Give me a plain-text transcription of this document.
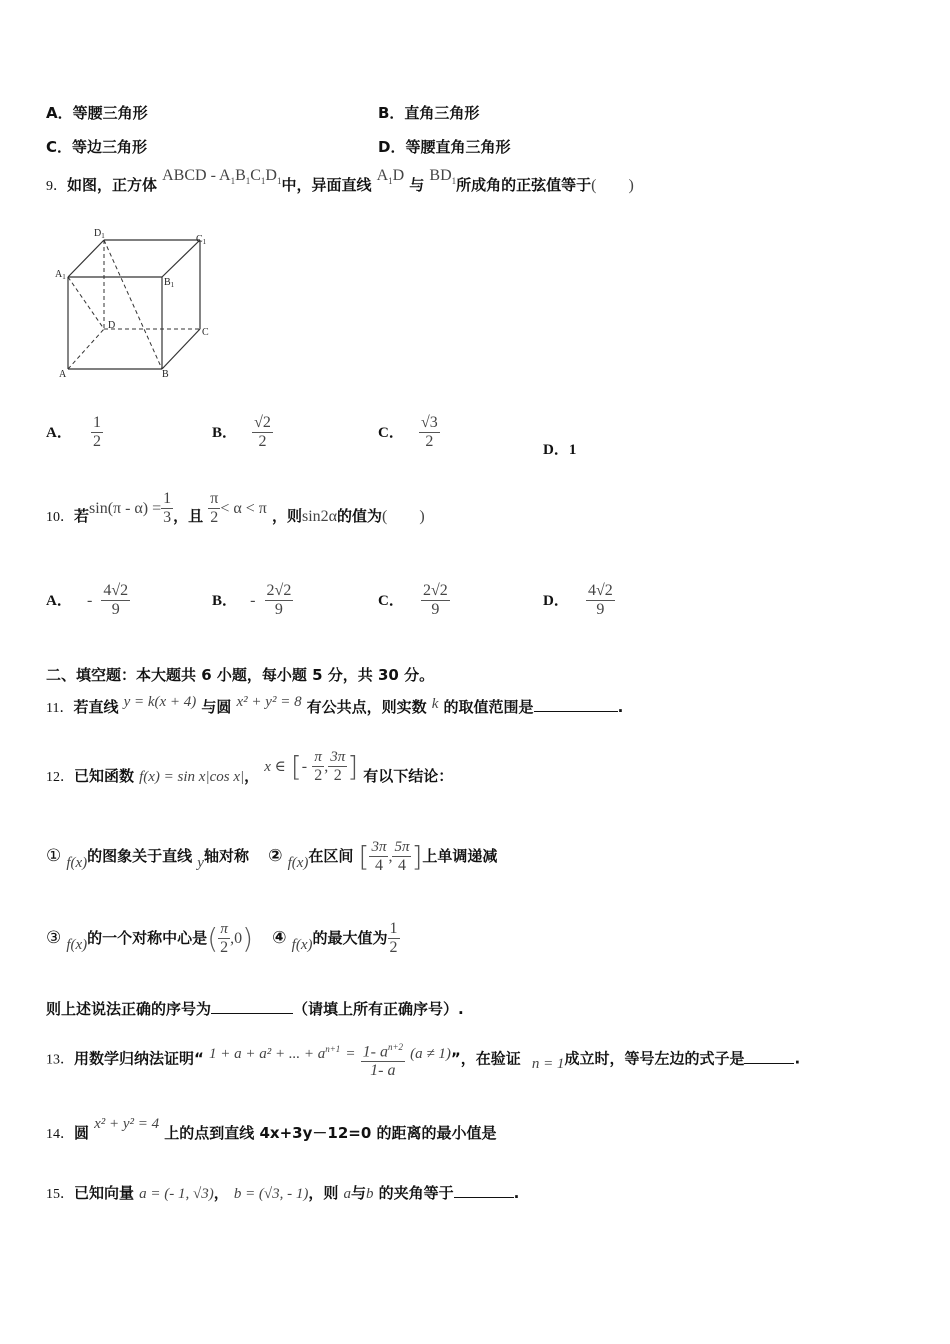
A．等腰三角形	B．直角三角形
C．等边三角形	D．等腰直角三角形
9．如图，正方体 ABCD - $A_1B_1C_1D_1$中，异面直线 $A_1D$ 与 $BD_1$所成角的正弦值等于(　　)
$D_1$	$C_1$
$A_1$	$B_1$
D
C
A	B
A． $\frac{1}{2}$	B． $\frac{√2}{2}$	C． $\frac{√3}{2}$	D．1
10．若$\sin(\pi - \alpha) = \frac{1}{3}$ ，且 $\frac{\pi}{2} < \alpha < \pi$ ，则sin2α的值为(　　)
A． - $\frac{4√2}{9}$	B． - $\frac{2√2}{9}$	C． $\frac{2√2}{9}$	D． $\frac{4√2}{9}$
二、填空题：本大题共 6 小题，每小题 5 分，共 30 分。
11．若直线 y = k(x + 4) 与圆 x² + y² = 8 有公共点，则实数 k 的取值范围是	.
12．已知函数 f(x) = sin x|cos x|， x ∈ [- $\frac{\pi}{2}$ , $\frac{3\pi}{2}$ ] 有以下结论：
① f(x)的图象关于直线 y轴对称 ② f(x)在区间 [ $\frac{3\pi}{4}$ , $\frac{5\pi}{4}$ ]上单调递减
③ f(x)的一个对称中心是( $\frac{\pi}{2} ,0$) ④ f(x)的最大值为 $\frac{1}{2}$
则上述说法正确的序号为	（请填上所有正确序号）.
13．用数学归纳法证明“ 1 + a + a² + ... + $a^{n+1} = \frac{1- a^{n+2}}{1- a} (a \ne 1)$”，在验证 n = 1成立时，等号左边的式子是	.
14．圆 x² + y² = 4 上的点到直线 4x+3y－12=0 的距离的最小值是
15．已知向量 a = (- 1, √3)， b = (√3, - 1)，则 a与b 的夹角等于	.
